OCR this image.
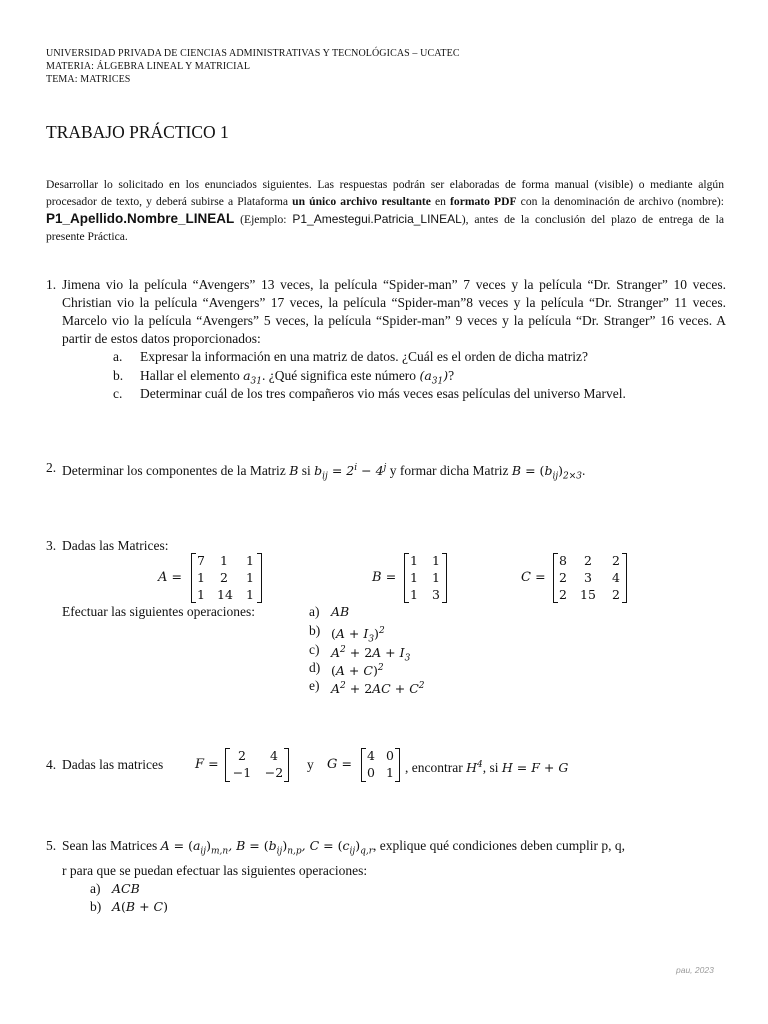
UNIVERSIDAD PRIVADA DE CIENCIAS ADMINISTRATIVAS Y TECNOLÓGICAS – UCATEC
MATERIA: ÁLGEBRA LINEAL Y MATRICIAL
TEMA: MATRICES
TRABAJO PRÁCTICO 1
Desarrollar lo solicitado en los enunciados siguientes. Las respuestas podrán ser elaboradas de forma manual (visible) o mediante algún procesador de texto, y deberá subirse a Plataforma un único archivo resultante en formato PDF con la denominación de archivo (nombre): P1_Apellido.Nombre_LINEAL (Ejemplo: P1_Amestegui.Patricia_LINEAL), antes de la conclusión del plazo de entrega de la presente Práctica.
1. Jimena vio la película “Avengers” 13 veces, la película “Spider-man” 7 veces y la película “Dr. Stranger” 10 veces. Christian vio la película “Avengers” 17 veces, la película “Spider-man”8 veces y la película “Dr. Stranger” 11 veces. Marcelo vio la película “Avengers” 5 veces, la película “Spider-man” 9 veces y la película “Dr. Stranger” 16 veces. A partir de estos datos proporcionados:
a. Expresar la información en una matriz de datos. ¿Cuál es el orden de dicha matriz?
b. Hallar el elemento $a_{31}$. ¿Qué significa este número $(a_{31})$?
c. Determinar cuál de los tres compañeros vio más veces esas películas del universo Marvel.
2. Determinar los componentes de la Matriz B si $b_{ij} = 2^i - 4^j$ y formar dicha Matriz $B = (b_{ij})_{2\times 3}$.
3. Dadas las Matrices:
A =
7 1 1
1 2 1
1 14 1
B =
1 1
1 1
1 3
C =
8 2 2
2 3 4
2 15 2
Efectuar las siguientes operaciones:	a) AB
b) $(A + I_3)^2$
c) $A^2 + 2A + I_3$
d) $(A + C)^2$
e) $A^2 + 2AC + C^2$
4. Dadas las matrices F =
2	4
−1 −2
y G =
4 0
0 1 , encontrar $H^4$, si H = F + G
5. Sean las Matrices $A = (a_{ij})_{m,n}$, $B = (b_{ij})_{n,p}$, $C = (c_{ij})_{q,r}$, explique qué condiciones deben cumplir p, q,
r para que se puedan efectuar las siguientes operaciones:
a) ACB
b) A(B + C)
pau, 2023
